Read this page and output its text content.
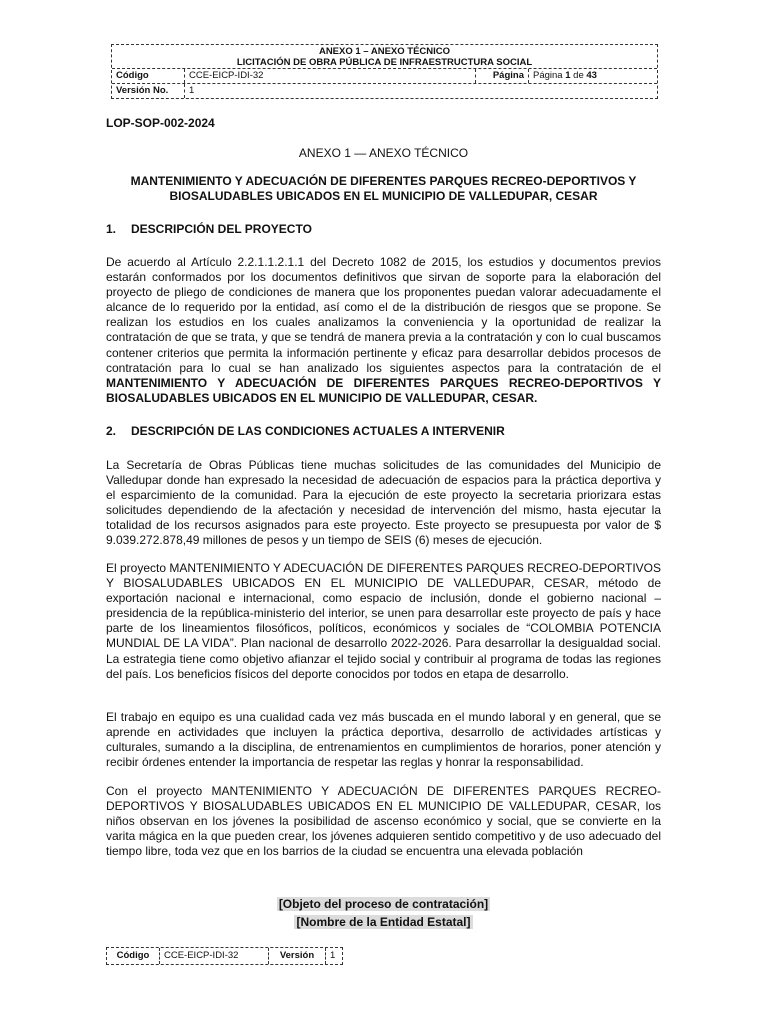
ANEXO 1 – ANEXO TÉCNICO
LICITACIÓN DE OBRA PÚBLICA DE INFRAESTRUCTURA SOCIAL
Código	CCE-EICP-IDI-32	Página Página 1 de 43
Versión No.	1
LOP-SOP-002-2024
ANEXO 1 — ANEXO TÉCNICO
MANTENIMIENTO Y ADECUACIÓN DE DIFERENTES PARQUES RECREO-DEPORTIVOS Y
BIOSALUDABLES UBICADOS EN EL MUNICIPIO DE VALLEDUPAR, CESAR
1. DESCRIPCIÓN DEL PROYECTO
De acuerdo al Artículo 2.2.1.1.2.1.1 del Decreto 1082 de 2015, los estudios y documentos previos estarán conformados por los documentos definitivos que sirvan de soporte para la elaboración del proyecto de pliego de condiciones de manera que los proponentes puedan valorar adecuadamente el alcance de lo requerido por la entidad, así como el de la distribución de riesgos que se propone. Se realizan los estudios en los cuales analizamos la conveniencia y la oportunidad de realizar la contratación de que se trata, y que se tendrá de manera previa a la contratación y con lo cual buscamos contener criterios que permita la información pertinente y eficaz para desarrollar debidos procesos de contratación para lo cual se han analizado los siguientes aspectos para la contratación de el MANTENIMIENTO Y ADECUACIÓN DE DIFERENTES PARQUES RECREO-DEPORTIVOS Y BIOSALUDABLES UBICADOS EN EL MUNICIPIO DE VALLEDUPAR, CESAR.
2. DESCRIPCIÓN DE LAS CONDICIONES ACTUALES A INTERVENIR
La Secretaría de Obras Públicas tiene muchas solicitudes de las comunidades del Municipio de Valledupar donde han expresado la necesidad de adecuación de espacios para la práctica deportiva y el esparcimiento de la comunidad. Para la ejecución de este proyecto la secretaria priorizara estas solicitudes dependiendo de la afectación y necesidad de intervención del mismo, hasta ejecutar la totalidad de los recursos asignados para este proyecto. Este proyecto se presupuesta por valor de $ 9.039.272.878,49 millones de pesos y un tiempo de SEIS (6) meses de ejecución.
El proyecto MANTENIMIENTO Y ADECUACIÓN DE DIFERENTES PARQUES RECREO-DEPORTIVOS Y BIOSALUDABLES UBICADOS EN EL MUNICIPIO DE VALLEDUPAR, CESAR, método de exportación nacional e internacional, como espacio de inclusión, donde el gobierno nacional –presidencia de la república-ministerio del interior, se unen para desarrollar este proyecto de país y hace parte de los lineamientos filosóficos, políticos, económicos y sociales de “COLOMBIA POTENCIA MUNDIAL DE LA VIDA”. Plan nacional de desarrollo 2022-2026. Para desarrollar la desigualdad social. La estrategia tiene como objetivo afianzar el tejido social y contribuir al programa de todas las regiones del país. Los beneficios físicos del deporte conocidos por todos en etapa de desarrollo.
El trabajo en equipo es una cualidad cada vez más buscada en el mundo laboral y en general, que se aprende en actividades que incluyen la práctica deportiva, desarrollo de actividades artísticas y culturales, sumando a la disciplina, de entrenamientos en cumplimientos de horarios, poner atención y recibir órdenes entender la importancia de respetar las reglas y honrar la responsabilidad.
Con el proyecto MANTENIMIENTO Y ADECUACIÓN DE DIFERENTES PARQUES RECREO-DEPORTIVOS Y BIOSALUDABLES UBICADOS EN EL MUNICIPIO DE VALLEDUPAR, CESAR, los niños observan en los jóvenes la posibilidad de ascenso económico y social, que se convierte en la varita mágica en la que pueden crear, los jóvenes adquieren sentido competitivo y de uso adecuado del tiempo libre, toda vez que en los barrios de la ciudad se encuentra una elevada población
[Objeto del proceso de contratación]
[Nombre de la Entidad Estatal]
Código	CCE-EICP-IDI-32	Versión	1
